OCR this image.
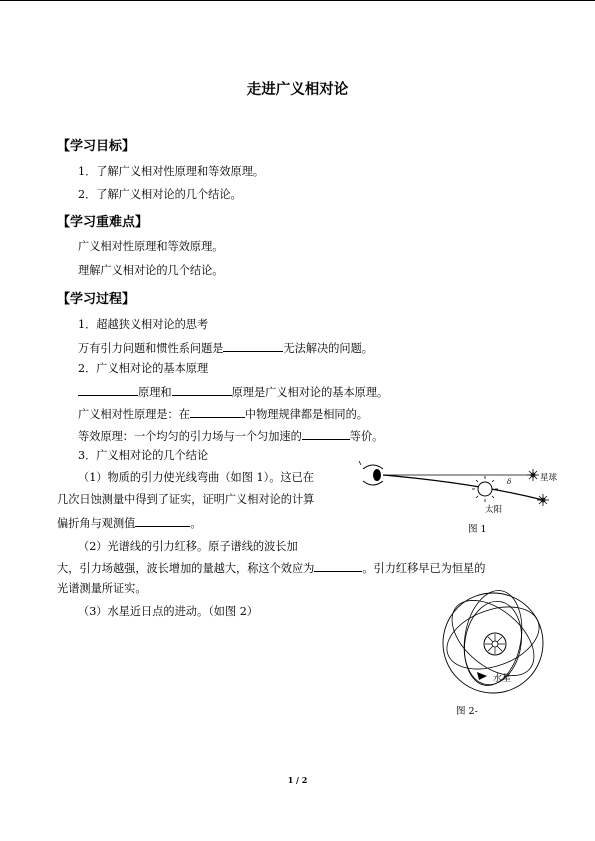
走进广义相对论
【学习目标】
1．了解广义相对性原理和等效原理。
2．了解广义相对论的几个结论。
【学习重难点】
广义相对性原理和等效原理。
理解广义相对论的几个结论。
【学习过程】
1．超越狭义相对论的思考
万有引力问题和惯性系问题是	无法解决的问题。
2．广义相对论的基本原理
原理和	原理是广义相对论的基本原理。
广义相对性原理是：在	中物理规律都是相同的。
等效原理：一个均匀的引力场与一个匀加速的	等价。
3．广义相对论的几个结论
（1）物质的引力使光线弯曲（如图 1）。这已在
几次日蚀测量中得到了证实，证明广义相对论的计算
偏折角与观测值	。
（2）光谱线的引力红移。原子谱线的波长加
大，引力场越强，波长增加的量越大，称这个效应为	。引力红移早已为恒星的
光谱测量所证实。
（3）水星近日点的进动。（如图 2）
δ
太阳
星球
图 1
水星
图 2-
1 / 2
